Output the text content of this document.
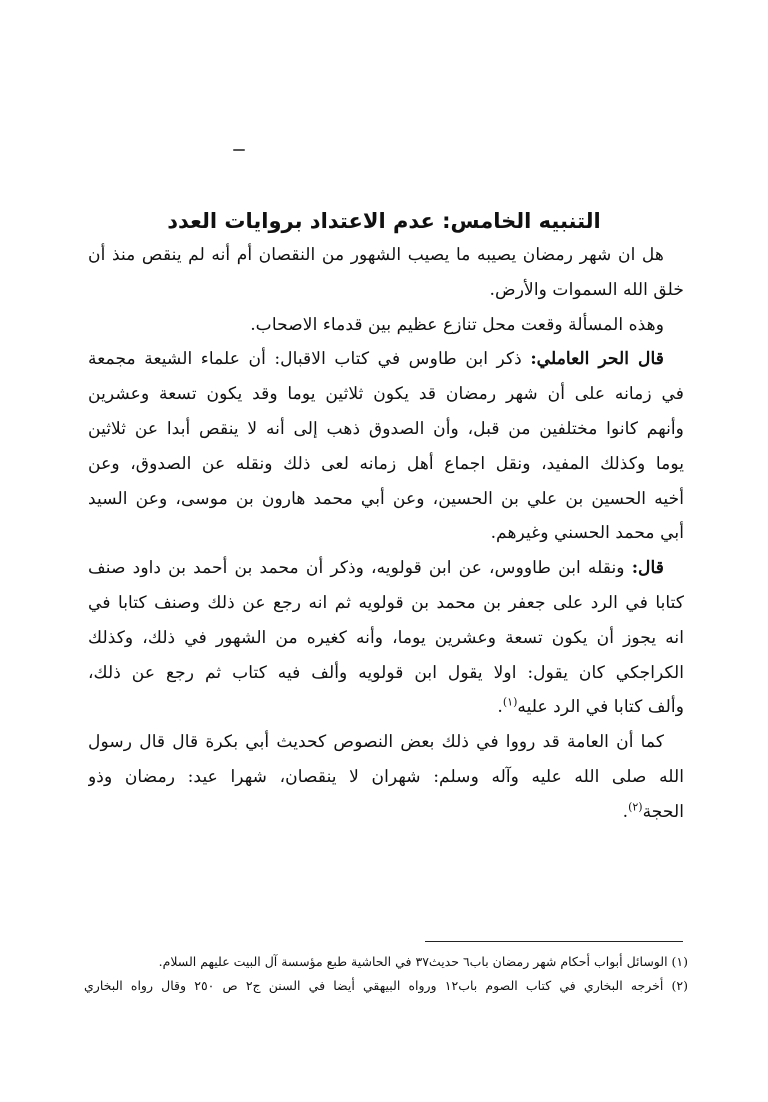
التنبيه الخامس: عدم الاعتداد بروايات العدد

هل ان شهر رمضان يصيبه ما يصيب الشهور من النقصان أم أنه لم ينقص منذ أن
خلق الله السموات والأرض.

وهذه المسألة وقعت محل تنازع عظيم بين قدماء الاصحاب.

قال الحر العاملي: ذكر ابن طاوس في كتاب الاقبال: أن علماء الشيعة مجمعة
في زمانه على أن شهر رمضان قد يكون ثلاثين يوما وقد يكون تسعة وعشرين
وأنهم كانوا مختلفين من قبل، وأن الصدوق ذهب إلى أنه لا ينقص أبدا عن ثلاثين
يوما وكذلك المفيد، ونقل اجماع أهل زمانه لعى ذلك ونقله عن الصدوق، وعن
أخيه الحسين بن علي بن الحسين، وعن أبي محمد هارون بن موسى، وعن السيد
أبي محمد الحسني وغيرهم.

قال: ونقله ابن طاووس، عن ابن قولويه، وذكر أن محمد بن أحمد بن داود صنف
كتابا في الرد على جعفر بن محمد بن قولويه ثم انه رجع عن ذلك وصنف كتابا في
انه يجوز أن يكون تسعة وعشرين يوما، وأنه كغيره من الشهور في ذلك، وكذلك
الكراجكي كان يقول: اولا يقول ابن قولويه وألف فيه كتاب ثم رجع عن ذلك،
وألف كتابا في الرد عليه$^{(١)}$.

كما أن العامة قد رووا في ذلك بعض النصوص كحديث أبي بكرة قال قال رسول
الله صلى الله عليه وآله وسلم: شهران لا ينقصان، شهرا عيد: رمضان وذو
الحجة$^{(٢)}$.

(١) الوسائل أبواب أحكام شهر رمضان باب٦ حديث٣٧ في الحاشية طبع مؤسسة آل البيت عليهم السلام.
(٢) أخرجه البخاري في كتاب الصوم باب١٢ ورواه البيهقي أيضا في السنن ج٢ ص ٢٥٠ وقال رواه البخاري
